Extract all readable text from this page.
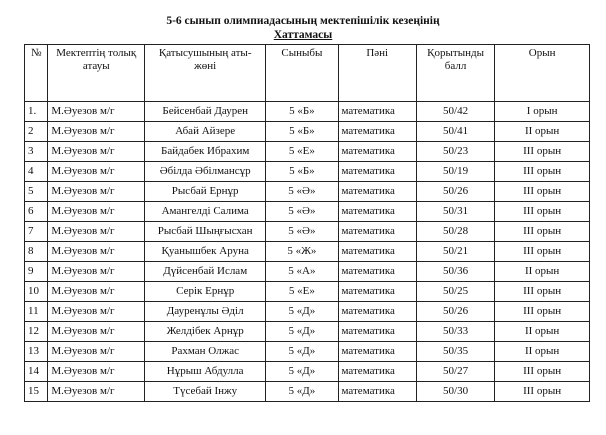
5-6 сынып олимпиадасының мектепішілік кезеңінің
Хаттамасы
№	Мектептің толық атауы	Қатысушының аты-жөні	Сыныбы	Пәні	Қорытынды балл	Орын
1.	М.Әуезов м/г	Бейсенбай Даурен	5 «Б»	математика	50/42	I орын
2	М.Әуезов м/г	Абай Айзере	5 «Б»	математика	50/41	II орын
3	М.Әуезов м/г	Байдабек Ибрахим	5 «Е»	математика	50/23	III орын
4	М.Әуезов м/г	Әбілда Әбілмансұр	5 «Б»	математика	50/19	III орын
5	М.Әуезов м/г	Рысбай Ернұр	5 «Ә»	математика	50/26	III орын
6	М.Әуезов м/г	Амангелді Салима	5 «Ә»	математика	50/31	III орын
7	М.Әуезов м/г	Рысбай Шыңғысхан	5 «Ә»	математика	50/28	III орын
8	М.Әуезов м/г	Қуанышбек Аруна	5 «Ж»	математика	50/21	III орын
9	М.Әуезов м/г	Дүйсенбай Ислам	5 «А»	математика	50/36	II орын
10	М.Әуезов м/г	Серік Ернұр	5 «Е»	математика	50/25	III орын
11	М.Әуезов м/г	Дауренұлы Әділ	5 «Д»	математика	50/26	III орын
12	М.Әуезов м/г	Желдібек Арнұр	5 «Д»	математика	50/33	II орын
13	М.Әуезов м/г	Рахман Олжас	5 «Д»	математика	50/35	II орын
14	М.Әуезов м/г	Нұрыш Абдулла	5 «Д»	математика	50/27	III орын
15	М.Әуезов м/г	Түсебай Інжу	5 «Д»	математика	50/30	III орын
